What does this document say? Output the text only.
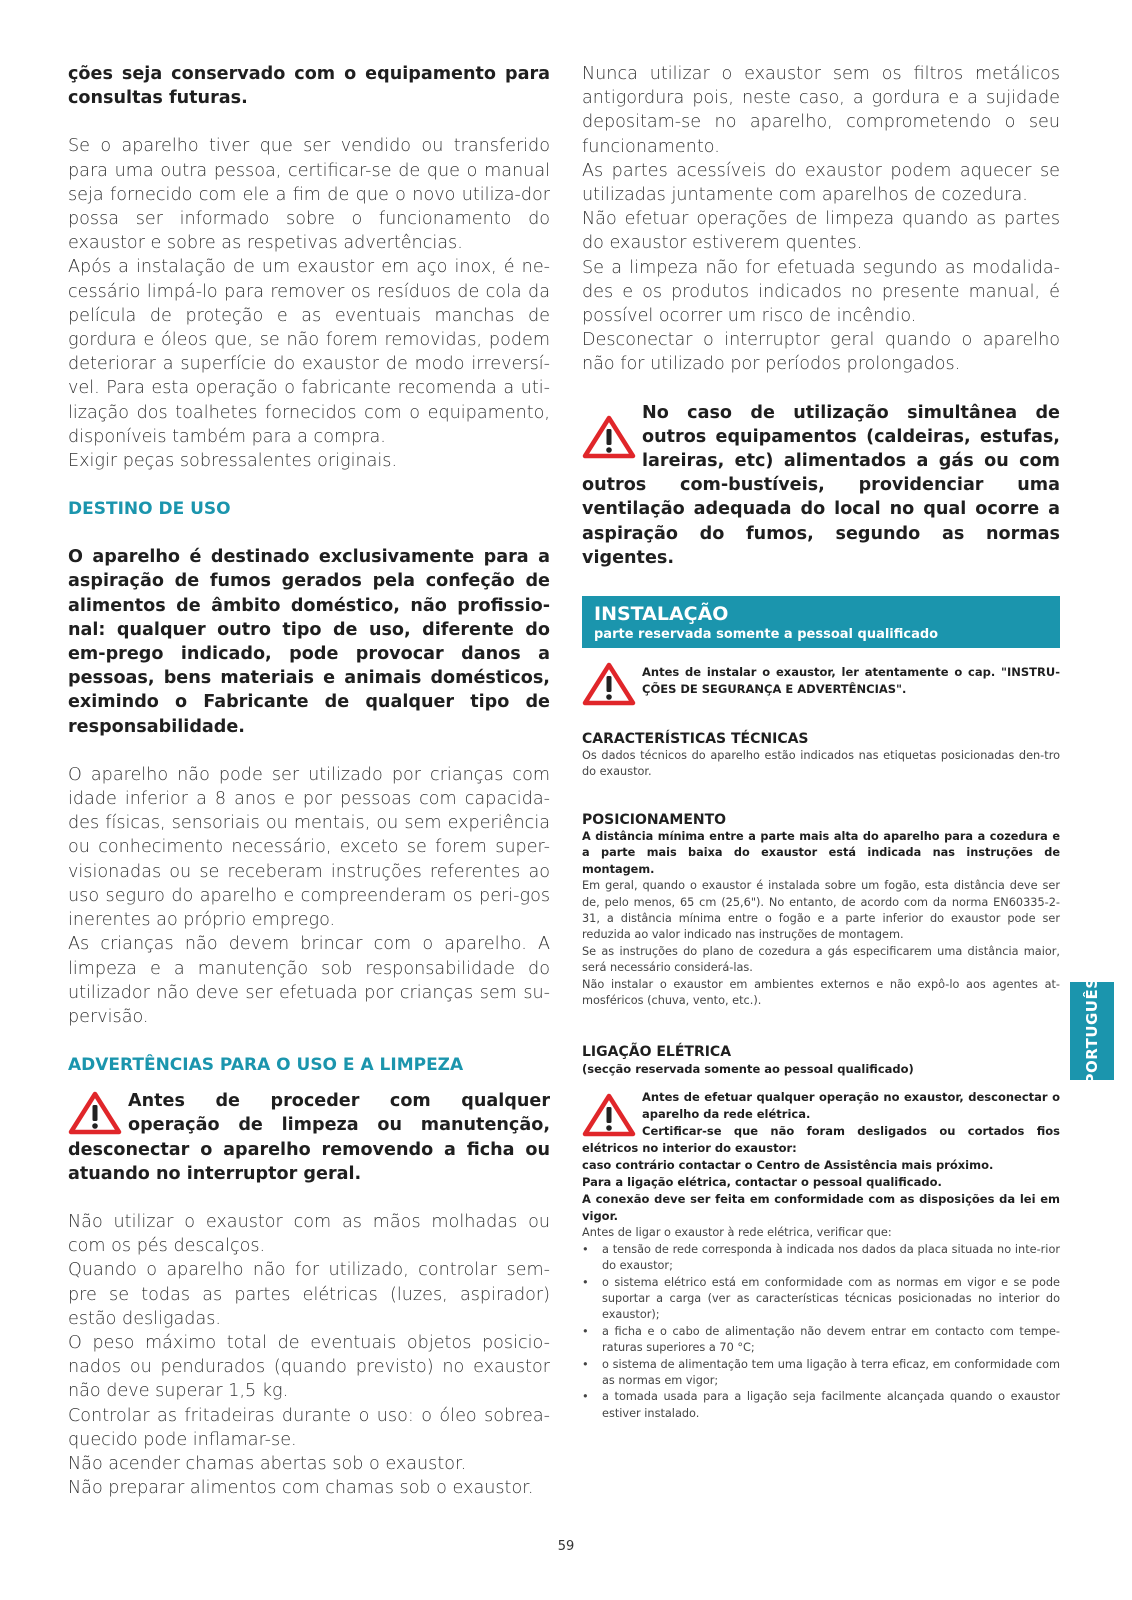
ções seja conservado com o equipamento para consultas futuras.

Se o aparelho tiver que ser vendido ou transferido para uma outra pessoa, certificar-se de que o manual seja fornecido com ele a fim de que o novo utiliza-dor possa ser informado sobre o funcionamento do exaustor e sobre as respetivas advertências.

Após a instalação de um exaustor em aço inox, é ne-cessário limpá-lo para remover os resíduos de cola da película de proteção e as eventuais manchas de gordura e óleos que, se não forem removidas, podem deteriorar a superfície do exaustor de modo irreversí-vel. Para esta operação o fabricante recomenda a uti-lização dos toalhetes fornecidos com o equipamento, disponíveis também para a compra.

Exigir peças sobressalentes originais.

DESTINO DE USO

O aparelho é destinado exclusivamente para a aspiração de fumos gerados pela confeção de alimentos de âmbito doméstico, não profissio-nal: qualquer outro tipo de uso, diferente do em-prego indicado, pode provocar danos a pessoas, bens materiais e animais domésticos, eximindo o Fabricante de qualquer tipo de responsabilidade.

O aparelho não pode ser utilizado por crianças com idade inferior a 8 anos e por pessoas com capacida-des físicas, sensoriais ou mentais, ou sem experiência ou conhecimento necessário, exceto se forem super-visionadas ou se receberam instruções referentes ao uso seguro do aparelho e compreenderam os peri-gos inerentes ao próprio emprego.

As crianças não devem brincar com o aparelho. A limpeza e a manutenção sob responsabilidade do utilizador não deve ser efetuada por crianças sem su-pervisão.

ADVERTÊNCIAS PARA O USO E A LIMPEZA

Antes de proceder com qualquer operação de limpeza ou manutenção, desconectar o aparelho removendo a ficha ou atuando no interruptor geral.

Não utilizar o exaustor com as mãos molhadas ou com os pés descalços.

Quando o aparelho não for utilizado, controlar sem-pre se todas as partes elétricas (luzes, aspirador) estão desligadas.

O peso máximo total de eventuais objetos posicio-nados ou pendurados (quando previsto) no exaustor não deve superar 1,5 kg.

Controlar as fritadeiras durante o uso: o óleo sobrea-quecido pode inflamar-se.

Não acender chamas abertas sob o exaustor.

Não preparar alimentos com chamas sob o exaustor.

Nunca utilizar o exaustor sem os filtros metálicos antigordura pois, neste caso, a gordura e a sujidade depositam-se no aparelho, comprometendo o seu funcionamento.

As partes acessíveis do exaustor podem aquecer se utilizadas juntamente com aparelhos de cozedura.

Não efetuar operações de limpeza quando as partes do exaustor estiverem quentes.

Se a limpeza não for efetuada segundo as modalida-des e os produtos indicados no presente manual, é possível ocorrer um risco de incêndio.

Desconectar o interruptor geral quando o aparelho não for utilizado por períodos prolongados.

No caso de utilização simultânea de outros equipamentos (caldeiras, estufas, lareiras, etc) alimentados a gás ou com outros com-bustíveis, providenciar uma ventilação adequada do local no qual ocorre a aspiração do fumos, segundo as normas vigentes.

INSTALAÇÃO
parte reservada somente a pessoal qualificado

Antes de instalar o exaustor, ler atentamente o cap. "INSTRU-ÇÕES DE SEGURANÇA E ADVERTÊNCIAS".

CARACTERÍSTICAS TÉCNICAS

Os dados técnicos do aparelho estão indicados nas etiquetas posicionadas den-tro do exaustor.

POSICIONAMENTO

A distância mínima entre a parte mais alta do aparelho para a cozedura e a parte mais baixa do exaustor está indicada nas instruções de montagem.

Em geral, quando o exaustor é instalada sobre um fogão, esta distância deve ser de, pelo menos, 65 cm (25,6"). No entanto, de acordo com da norma EN60335-2-31, a distância mínima entre o fogão e a parte inferior do exaustor pode ser reduzida ao valor indicado nas instruções de montagem.

Se as instruções do plano de cozedura a gás especificarem uma distância maior, será necessário considerá-las.

Não instalar o exaustor em ambientes externos e não expô-lo aos agentes at-mosféricos (chuva, vento, etc.).

LIGAÇÃO ELÉTRICA

(secção reservada somente ao pessoal qualificado)

Antes de efetuar qualquer operação no exaustor, desconectar o aparelho da rede elétrica.

Certificar-se que não foram desligados ou cortados fios elétricos no interior do exaustor:

caso contrário contactar o Centro de Assistência mais próximo.

Para a ligação elétrica, contactar o pessoal qualificado.

A conexão deve ser feita em conformidade com as disposições da lei em vigor.

Antes de ligar o exaustor à rede elétrica, verificar que:

• a tensão de rede corresponda à indicada nos dados da placa situada no inte-rior do exaustor;
• o sistema elétrico está em conformidade com as normas em vigor e se pode suportar a carga (ver as características técnicas posicionadas no interior do exaustor);
• a ficha e o cabo de alimentação não devem entrar em contacto com tempe-raturas superiores a 70 °C;
• o sistema de alimentação tem uma ligação à terra eficaz, em conformidade com as normas em vigor;
• a tomada usada para a ligação seja facilmente alcançada quando o exaustor estiver instalado.
PORTUGUÊS
59
